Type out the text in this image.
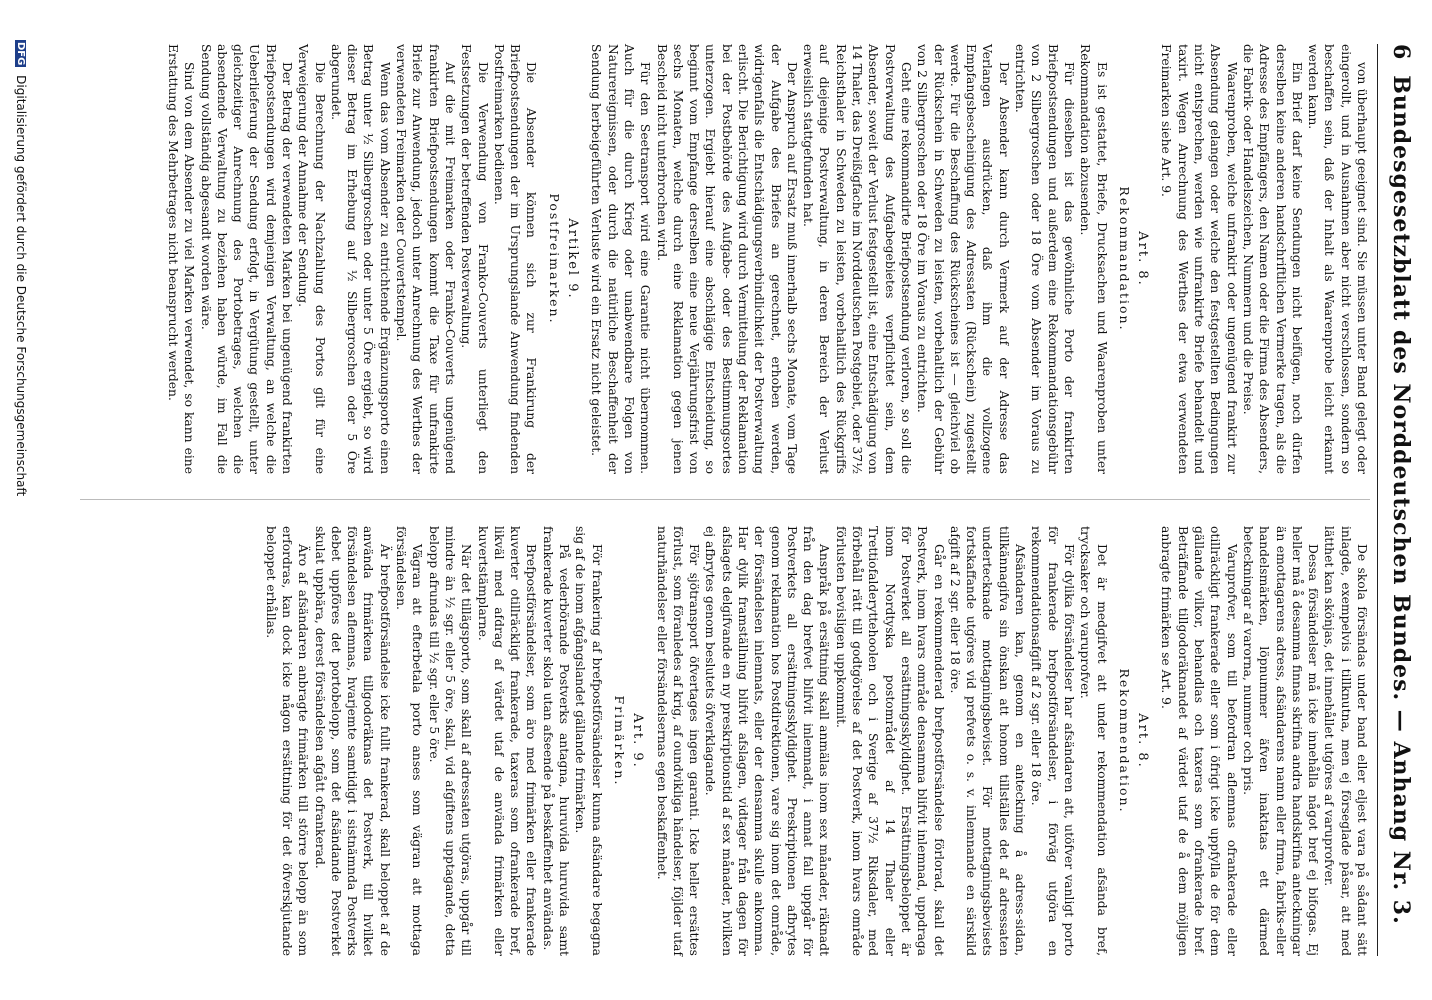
6
Bundesgesetzblatt des Norddeutschen Bundes. — Anhang Nr. 3.

von überhaupt geeignet sind. Sie müssen unter Band gelegt oder eingerollt, und in Ausnahmen aber nicht verschlossen, sondern so beschaffen sein, daß der Inhalt als Waarenprobe leicht erkannt werden kann.

Ein Brief darf keine Sendungen nicht beifügen, noch dürfen derselben keine anderen handschriftlichen Vermerke tragen, als die Adresse des Empfängers, den Namen oder die Firma des Absenders, die Fabrik- oder Handelszeichen, Nummern und die Preise.

Waarenproben, welche unfrankirt oder ungenügend frankirt zur Absendung gelangen oder welche den festgestellten Bedingungen nicht entsprechen, werden wie unfrankirte Briefe behandelt und taxirt. Wegen Anrechnung des Werthes der etwa verwendeten Freimarken siehe Art. 9.

Art. 8.
Rekommandation.

Es ist gestattet, Briefe, Drucksachen und Waarenproben unter Rekommandation abzusenden.

Für dieselben ist das gewöhnliche Porto der frankirten Briefpostsendungen und außerdem eine Rekommandationsgebühr von 2 Silbergroschen oder 18 Öre vom Absender im Voraus zu entrichten.

Der Absender kann durch Vermerk auf der Adresse das Verlangen ausdrücken, daß ihm die vollzogene Empfangsbescheinigung des Adressaten (Rückschein) zugestellt werde. Für die Beschaffung des Rückscheines ist — gleichviel ob der Rückschein in Schweden zu leisten, vorbehaltlich der Gebühr von 2 Silbergroschen oder 18 Öre im Voraus zu entrichten.

Geht eine rekommandirte Briefpostsendung verloren, so soll die Postverwaltung des Aufgabegebietes verpflichtet sein, dem Absender, soweit der Verlust festgestellt ist, eine Entschädigung von 14 Thaler, das Dreißigfache im Norddeutschen Postgebiet, oder 37½ Reichsthaler in Schweden zu leisten, vorbehaltlich des Rückgriffs auf diejenige Postverwaltung, in deren Bereich der Verlust erweislich stattgefunden hat.

Der Anspruch auf Ersatz muß innerhalb sechs Monate, vom Tage der Aufgabe des Briefes an gerechnet, erhoben werden, widrigenfalls die Entschädigungsverbindlichkeit der Postverwaltung erlischt. Die Berichtigung wird durch Vermittelung der Reklamation bei der Postbehörde des Aufgabe- oder des Bestimmungsortes unterzogen. Ergiebt hierauf eine abschlägige Entscheidung, so beginnt vom Empfange derselben eine neue Verjährungsfrist von sechs Monaten, welche durch eine Reklamation gegen jenen Bescheid nicht unterbrochen wird.

Für den Seetransport wird eine Garantie nicht übernommen. Auch für die durch Krieg oder unabwendbare Folgen von Naturereignissen, oder durch die natürliche Beschaffenheit der Sendung herbeigeführten Verluste wird ein Ersatz nicht geleistet.

Artikel 9.
Postfreimarken.

Die Absender können sich zur Frankirung der Briefpostsendungen der im Ursprungslande Anwendung findenden Postfreimarken bedienen.

Die Verwendung von Franko-Couverts unterliegt den Festsetzungen der betreffenden Postverwaltung.

Auf die mit Freimarken oder Franko-Couverts ungenügend frankirten Briefpostsendungen kommt die Taxe für unfrankirte Briefe zur Anwendung, jedoch unter Anrechnung des Werthes der verwendeten Freimarken oder Couvertstempel.

Wenn das vom Absender zu entrichtende Ergänzungsporto einen Betrag unter ½ Silbergroschen oder unter 5 Öre ergiebt, so wird dieser Betrag im Erhebung auf ½ Silbergroschen oder 5 Öre abgerundet.

Die Berechnung der Nachzahlung des Portos gilt für eine Verweigerung der Annahme der Sendung.

Der Betrag der verwendeten Marken bei ungenügend frankirten Briefpostsendungen wird demjenigen Verwaltung, an welche die Ueberlieferung der Sendung erfolgt, in Vergütung gestellt, unter gleichzeitiger Anrechnung des Portobetrages, welchen die absendende Verwaltung zu beziehen haben würde, im Fall die Sendung vollständig abgesandt worden wäre.

Sind von dem Absender zu viel Marken verwendet, so kann eine Erstattung des Mehrbetrages nicht beansprucht werden.

De skola försändas under band eller eljest vara på sådant sätt inlagde, exempelvis i tillknutna, men ej förseglade påsar, att med lätthet kan skönjas, det innehållet utgöres af varuprofver.

Dessa försändelser må icke innehålla något bref ej bifogas. Ej heller må å desamma finnas skrifna andra handskrifna anteckningar än emottagarens adress, afsändarens namn eller firma, fabriks-eller handelsmärken, löpnummer äfven inaktatas ett därmed beteckningar af varorna, nummer och pris.

Varuprofver, som till befordran aflemnas ofrankerade eller otillräckligt frankerade eller som i öfrigt icke uppfylla de för dem gällande vilkor, behandlas och taxeras som ofrankerade bref. Beträffande tillgodoräknandet af värdet utaf de å dem möjligen anbragte frimärken se Art. 9.

Art. 8.
Rekommendation.

Det är medgifvet att under rekommendation afsända bref, trycksaker och varuprofver.

För dylika försändelser har afsändaren att, utöfver vanligt porto för frankerade brefpostförsändelser, i förväg utgöra en rekommendationsafgift af 2 sgr. eller 18 öre.

Afsändaren kan, genom en anteckning å adress-sidan, tillkännagifva sin önskan att honom tillställes det af adressaten undertecknade mottagningsbeviset. För mottagningsbevisets fortskaffande utgöres vid prefvets o. s. v. inlemnande en särskild afgift af 2 sgr. eller 18 öre.

Går en rekommenderad brefpostförsändelse förlorad, skall det Postverk, inom hvars område densamma blifvit inlemnad, uppdraga för Postverket all ersättningsskyldighet. Ersättningsbeloppet är inom Nordtyska postområdet af 14 Thaler eller Trettiofalderyttehoolen och i Sverige af 37½ Riksdaler, med förbehåll rätt till godtgörelse af det Postverk, inom hvars område förlusten bevisligen uppkommit.

Anspråk på ersättning skall anmälas inom sex månader, räknadt från den dag brefvet blifvit inlemnadt, i annat fall uppgår för Postverkets all ersättningsskyldighet. Preskriptionen afbrytes genom reklamation hos Postdirektionen, vare sig inom det område, der försändelsen inlemnats, eller der densamma skulle ankomma. Har dylik framställning blifvit afslagen, vidtager från dagen för afslagets delgifvande en ny preskriptionstid af sex månader, hvilken ej afbrytes genom beslutets öfverklagande.

För sjötransport öfvertages ingen garanti. Icke heller ersättes förlust, som föranledes af krig, af oundvikliga händelser, föjlder utaf naturhändelser eller försändelsernas egen beskaffenhet.

Art. 9.
Frimärken.

För frankering af brefpostförsändelser kunna afsändare begagna sig af de inom afgångslandet gällande frimärken.

På vederbörande Postverks antagna, huruvida huruvida samt frankerade kuverter skola utan afseende på beskaffenhet användas.

Brefpostförsändelser, som äro med frimärken eller frankerade kuverter otillräckligt frankerade, taxeras som ofrankerade bref, likväl med afdrag af värdet utaf de använda frimärken eller kuvertstämplarne.

När det tillägsporto, som skall af adressaten utgöras, uppgår till mindre än ½ sgr. eller 5 öre, skall, vid afgiftens upptagande, detta belopp afrundas till ½ sgr. eller 5 öre.

Vägran att efterbetala porto anses som vägran att mottaga försändelsen.

Är brefpostförsändelse icke fullt frankerad, skall beloppet af de använda frimärkena tillgodoräknas det Postverk, till hvilket försändelsen aflemnas, hvarjemte samtidigt i sistnämnda Postverks debet uppföres det portobelopp, som det afsändande Postverket skulat uppbära, derest försändelsen afgått ofrankerad.

Äro af afsändaren anbragte frimärken till större belopp än som erfordras, kan dock icke någon ersättning för det öfverskjutande beloppet erhållas.

DFG Digitalisierung gefördert durch die Deutsche Forschungsgemeinschaft
